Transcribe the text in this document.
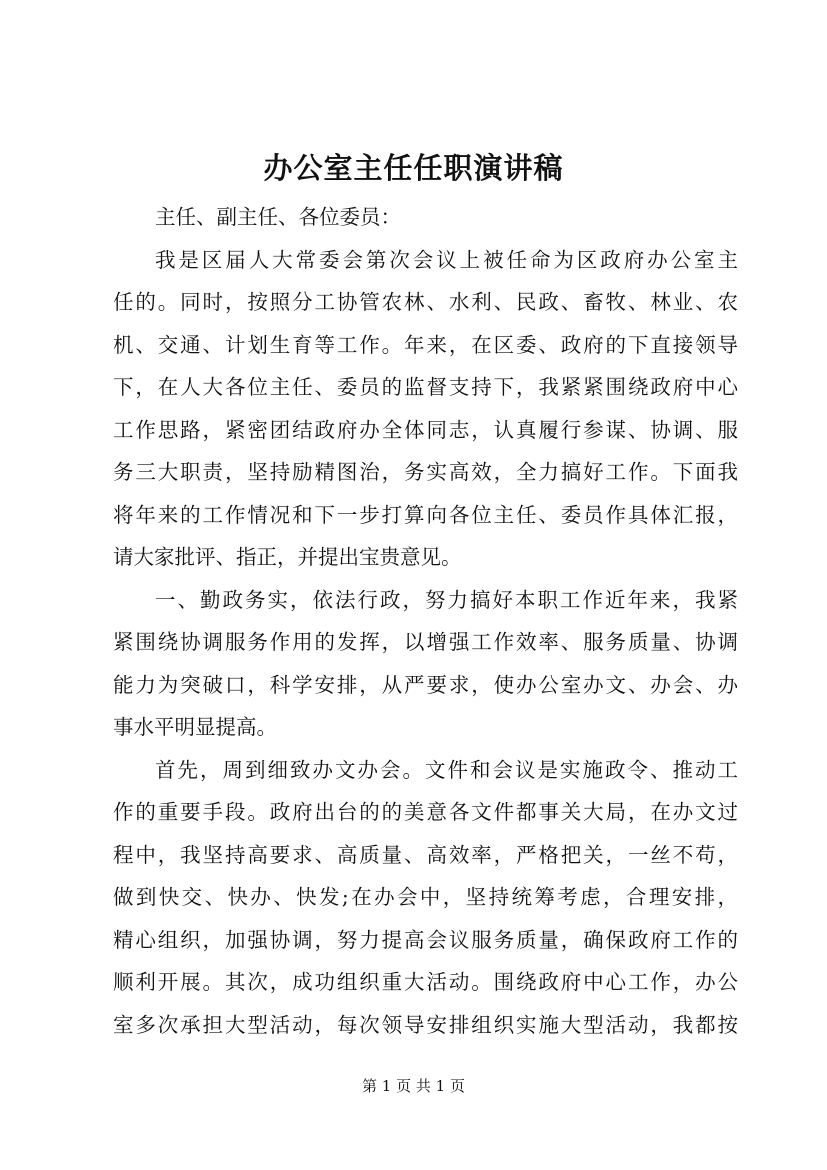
办公室主任任职演讲稿
主任、副主任、各位委员：
我是区届人大常委会第次会议上被任命为区政府办公室主
任的。同时，按照分工协管农林、水利、民政、畜牧、林业、农
机、交通、计划生育等工作。年来，在区委、政府的下直接领导
下，在人大各位主任、委员的监督支持下，我紧紧围绕政府中心
工作思路，紧密团结政府办全体同志，认真履行参谋、协调、服
务三大职责，坚持励精图治，务实高效，全力搞好工作。下面我
将年来的工作情况和下一步打算向各位主任、委员作具体汇报，
请大家批评、指正，并提出宝贵意见。
一、勤政务实，依法行政，努力搞好本职工作近年来，我紧
紧围绕协调服务作用的发挥，以增强工作效率、服务质量、协调
能力为突破口，科学安排，从严要求，使办公室办文、办会、办
事水平明显提高。
首先，周到细致办文办会。文件和会议是实施政令、推动工
作的重要手段。政府出台的的美意各文件都事关大局，在办文过
程中，我坚持高要求、高质量、高效率，严格把关，一丝不苟，
做到快交、快办、快发;在办会中，坚持统筹考虑，合理安排，
精心组织，加强协调，努力提高会议服务质量，确保政府工作的
顺利开展。其次，成功组织重大活动。围绕政府中心工作，办公
室多次承担大型活动，每次领导安排组织实施大型活动，我都按
第 1 页 共 1 页
